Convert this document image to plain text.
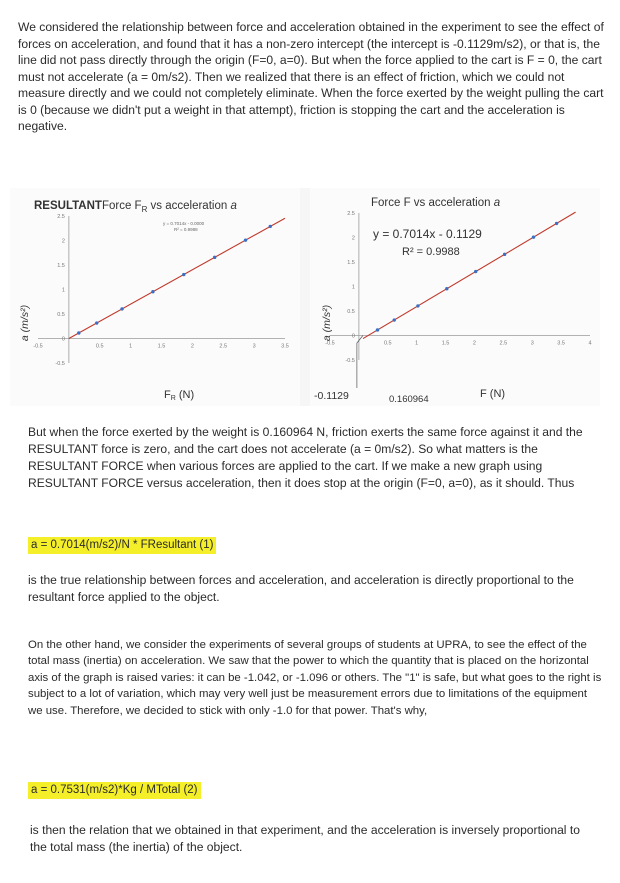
We considered the relationship between force and acceleration obtained in the experiment to see the effect of forces on acceleration, and found that it has a non-zero intercept (the intercept is -0.1129m/s2), or that is, the line did not pass directly through the origin (F=0, a=0). But when the force applied to the cart is F = 0, the cart must not accelerate (a = 0m/s2). Then we realized that there is an effect of friction, which we could not measure directly and we could not completely eliminate. When the force exerted by the weight pulling the cart is 0 (because we didn't put a weight in that attempt), friction is stopping the cart and the acceleration is negative.
RESULTANTForce $F_R$ vs acceleration a
y = 0.7014x - 0.0000
R² = 0.9988
a (m/s²)
FR (N)
-0.5	0.5	1	1.5	2	2.5	3	3.5
-0.5
0
0.5
1
1.5
2
2.5
Force F vs acceleration a
y = 0.7014x - 0.1129
R² = 0.9988
a (m/s²)
F (N)
-0.1129	0.160964
-0.5	0.5	1	1.5	2	2.5	3	3.5	4
-0.5
0
0.5
1
1.5
2
2.5
But when the force exerted by the weight is 0.160964 N, friction exerts the same force against it and the RESULTANT force is zero, and the cart does not accelerate (a = 0m/s2). So what matters is the RESULTANT FORCE when various forces are applied to the cart. If we make a new graph using RESULTANT FORCE versus acceleration, then it does stop at the origin (F=0, a=0), as it should. Thus
a = 0.7014(m/s2)/N * FResultant (1)
is the true relationship between forces and acceleration, and acceleration is directly proportional to the resultant force applied to the object.
On the other hand, we consider the experiments of several groups of students at UPRA, to see the effect of the total mass (inertia) on acceleration. We saw that the power to which the quantity that is placed on the horizontal axis of the graph is raised varies: it can be -1.042, or -1.096 or others. The "1" is safe, but what goes to the right is subject to a lot of variation, which may very well just be measurement errors due to limitations of the equipment we use. Therefore, we decided to stick with only -1.0 for that power. That's why,
a = 0.7531(m/s2)*Kg / MTotal (2)
is then the relation that we obtained in that experiment, and the acceleration is inversely proportional to the total mass (the inertia) of the object.
